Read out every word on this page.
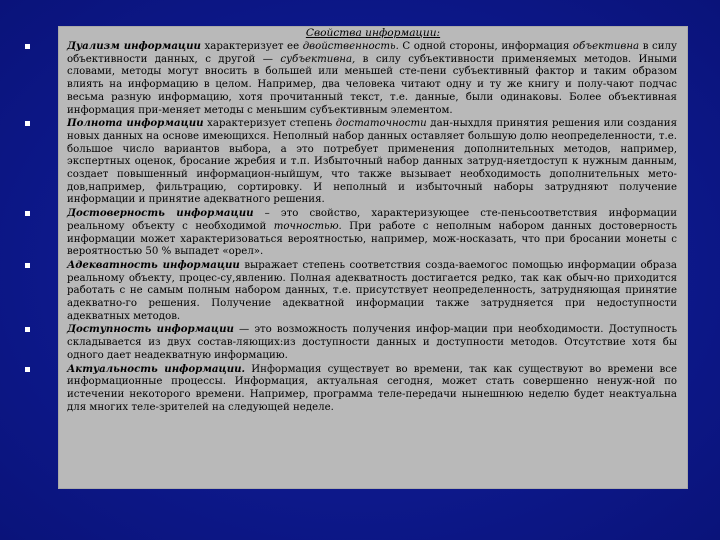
Свойства информации:
Дуализм информации характеризует ее двойственность. С одной стороны, информация объективна в силу объективности данных, с другой — субъективна, в силу субъективности применяемых методов. Иными словами, методы могут вносить в большей или меньшей сте-пени субъективный фактор и таким образом влиять на информацию в целом. Например, два человека читают одну и ту же книгу и полу-чают подчас весьма разную информацию, хотя прочитанный текст, т.е. данные, были одинаковы. Более объективная информация при-меняет методы с меньшим субъективным элементом.
Полнота информации характеризует степень достаточности дан-ныхдля принятия решения или создания новых данных на основе имеющихся. Неполный набор данных оставляет большую долю неопределенности, т.е. большое число вариантов выбора, а это потребует применения дополнительных методов, например, экспертных оценок, бросание жребия и т.п. Избыточный набор данных затруд-няетдоступ к нужным данным, создает повышенный информацион-ныйшум, что также вызывает необходимость дополнительных мето-дов,например, фильтрацию, сортировку. И неполный и избыточный наборы затрудняют получение информации и принятие адекватного решения.
Достоверность информации – это свойство, характеризующее сте-пеньсоответствия информации реальному объекту с необходимой точностью. При работе с неполным набором данных достоверность информации может характеризоваться вероятностью, например, мож-носказать, что при бросании монеты с вероятностью 50 % выпадет «орел».
Адекватность информации выражает степень соответствия созда-ваемогос помощью информации образа реальному объекту, процес-су,явлению. Полная адекватность достигается редко, так как обыч-но приходится работать с не самым полным набором данных, т.е. присутствует неопределенность, затрудняющая принятие адекватно-го решения. Получение адекватной информации также затрудняется при недоступности адекватных методов.
Доступность информации — это возможность получения инфор-мации при необходимости. Доступность складывается из двух состав-ляющих:из доступности данных и доступности методов. Отсутствие хотя бы одного дает неадекватную информацию.
Актуальность информации. Информация существует во времени, так как существуют во времени все информационные процессы. Информация, актуальная сегодня, может стать совершенно ненуж-ной по истечении некоторого времени. Например, программа теле-передачи нынешнюю неделю будет неактуальна для многих теле-зрителей на следующей неделе.
